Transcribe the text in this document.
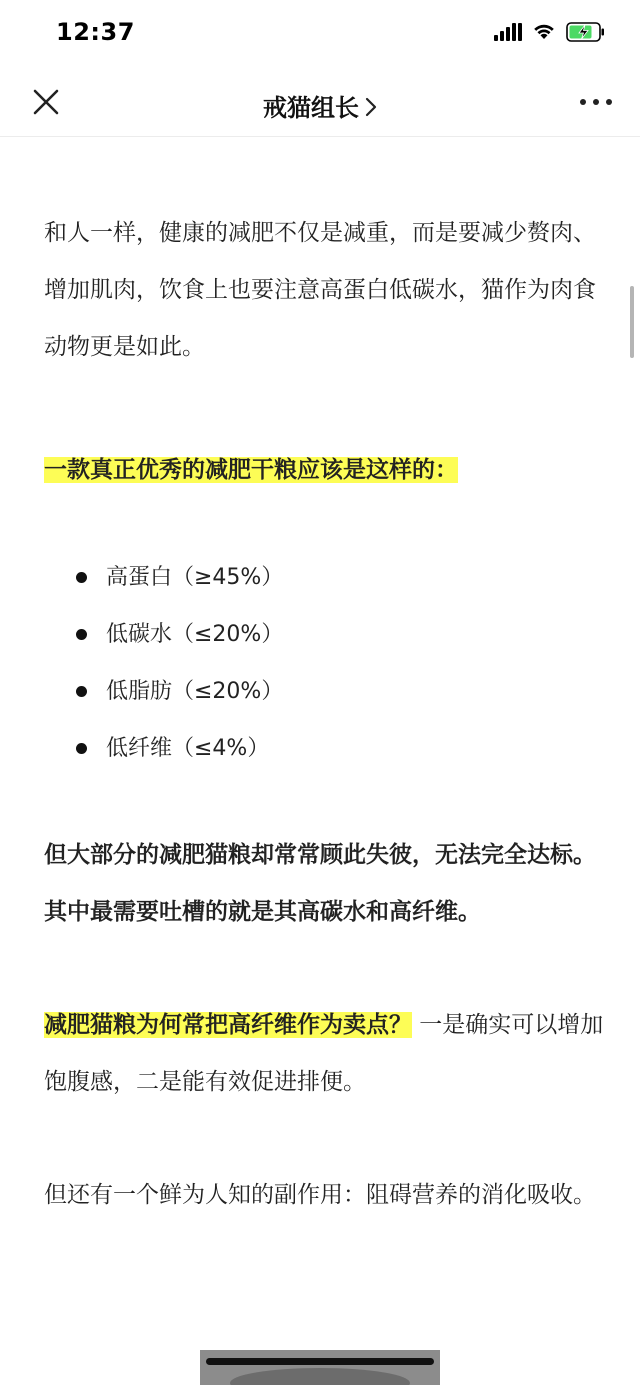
12:37
戒猫组长

和人一样，健康的减肥不仅是减重，而是要减少赘肉、增加肌肉，饮食上也要注意高蛋白低碳水，猫作为肉食动物更是如此。

一款真正优秀的减肥干粮应该是这样的：

高蛋白（≥45%）
低碳水（≤20%）
低脂肪（≤20%）
低纤维（≤4%）

但大部分的减肥猫粮却常常顾此失彼，无法完全达标。其中最需要吐槽的就是其高碳水和高纤维。

减肥猫粮为何常把高纤维作为卖点？ 一是确实可以增加饱腹感，二是能有效促进排便。

但还有一个鲜为人知的副作用：阻碍营养的消化吸收。
